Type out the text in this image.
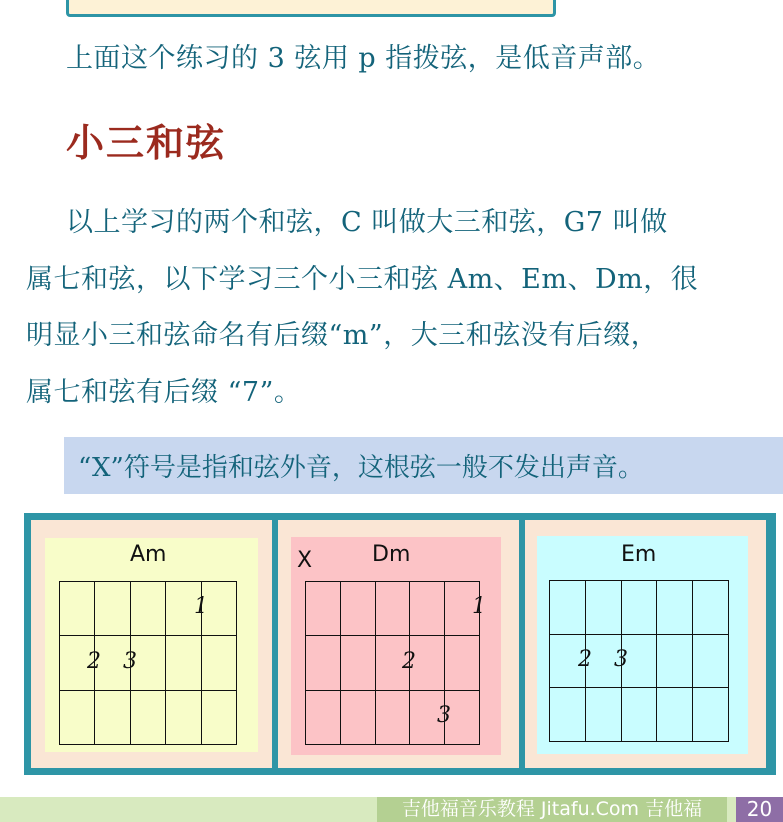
上面这个练习的 3 弦用 p 指拨弦，是低音声部。

小三和弦

以上学习的两个和弦，C 叫做大三和弦，G7 叫做

属七和弦，以下学习三个小三和弦 Am、Em、Dm，很

明显小三和弦命名有后缀“m”，大三和弦没有后缀，

属七和弦有后缀 “7”。

“X”符号是指和弦外音，这根弦一般不发出声音。
Am
1
2 3
Dm
X
1
2
3
Em
2 3
吉他福音乐教程 Jitafu.Com 吉他福	20
